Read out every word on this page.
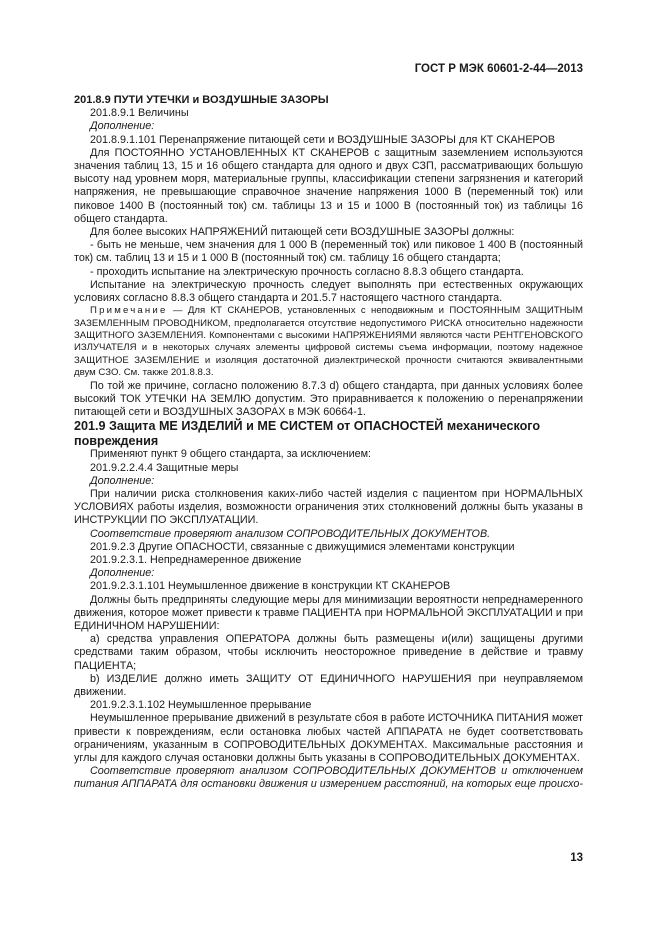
ГОСТ Р МЭК 60601-2-44—2013

201.8.9 ПУТИ УТЕЧКИ и ВОЗДУШНЫЕ ЗАЗОРЫ

201.8.9.1 Величины

Дополнение:

201.8.9.1.101 Перенапряжение питающей сети и ВОЗДУШНЫЕ ЗАЗОРЫ для КТ СКАНЕРОВ

Для ПОСТОЯННО УСТАНОВЛЕННЫХ КТ СКАНЕРОВ с защитным заземлением используются значения таблиц 13, 15 и 16 общего стандарта для одного и двух СЗП, рассматривающих большую высоту над уровнем моря, материальные группы, классификации степени загрязнения и категорий напряжения, не превышающие справочное значение напряжения 1000 В (переменный ток) или пиковое 1400 В (постоянный ток) см. таблицы 13 и 15 и 1000 В (постоянный ток) из таблицы 16 общего стандарта.

Для более высоких НАПРЯЖЕНИЙ питающей сети ВОЗДУШНЫЕ ЗАЗОРЫ должны:

- быть не меньше, чем значения для 1 000 В (переменный ток) или пиковое 1 400 В (постоянный ток) см. таблиц 13 и 15 и 1 000 В (постоянный ток) см. таблицу 16 общего стандарта;

- проходить испытание на электрическую прочность согласно 8.8.3 общего стандарта.

Испытание на электрическую прочность следует выполнять при естественных окружающих условиях согласно 8.8.3 общего стандарта и 201.5.7 настоящего частного стандарта.

Примечание — Для КТ СКАНЕРОВ, установленных с неподвижным и ПОСТОЯННЫМ ЗАЩИТНЫМ ЗАЗЕМЛЕННЫМ ПРОВОДНИКОМ, предполагается отсутствие недопустимого РИСКА относительно надежности ЗАЩИТНОГО ЗАЗЕМЛЕНИЯ. Компонентами с высокими НАПРЯЖЕНИЯМИ являются части РЕНТГЕНОВСКОГО ИЗЛУЧАТЕЛЯ и в некоторых случаях элементы цифровой системы съема информации, поэтому надежное ЗАЩИТНОЕ ЗАЗЕМЛЕНИЕ и изоляция достаточной диэлектрической прочности считаются эквивалентными двум СЗО. См. также 201.8.8.3.

По той же причине, согласно положению 8.7.3 d) общего стандарта, при данных условиях более высокий ТОК УТЕЧКИ НА ЗЕМЛЮ допустим. Это приравнивается к положению о перенапряжении питающей сети и ВОЗДУШНЫХ ЗАЗОРАХ в МЭК 60664-1.

201.9 Защита МЕ ИЗДЕЛИЙ и МЕ СИСТЕМ от ОПАСНОСТЕЙ механического повреждения

Применяют пункт 9 общего стандарта, за исключением:

201.9.2.2.4.4 Защитные меры

Дополнение:

При наличии риска столкновения каких-либо частей изделия с пациентом при НОРМАЛЬНЫХ УСЛОВИЯХ работы изделия, возможности ограничения этих столкновений должны быть указаны в ИНСТРУКЦИИ ПО ЭКСПЛУАТАЦИИ.

Соответствие проверяют анализом СОПРОВОДИТЕЛЬНЫХ ДОКУМЕНТОВ.

201.9.2.3 Другие ОПАСНОСТИ, связанные с движущимися элементами конструкции

201.9.2.3.1. Непреднамеренное движение

Дополнение:

201.9.2.3.1.101 Неумышленное движение в конструкции КТ СКАНЕРОВ

Должны быть предприняты следующие меры для минимизации вероятности непреднамеренного движения, которое может привести к травме ПАЦИЕНТА при НОРМАЛЬНОЙ ЭКСПЛУАТАЦИИ и при ЕДИНИЧНОМ НАРУШЕНИИ:

a) средства управления ОПЕРАТОРА должны быть размещены и(или) защищены другими средствами таким образом, чтобы исключить неосторожное приведение в действие и травму ПАЦИЕНТА;

b) ИЗДЕЛИЕ должно иметь ЗАЩИТУ ОТ ЕДИНИЧНОГО НАРУШЕНИЯ при неуправляемом движении.

201.9.2.3.1.102 Неумышленное прерывание

Неумышленное прерывание движений в результате сбоя в работе ИСТОЧНИКА ПИТАНИЯ может привести к повреждениям, если остановка любых частей АППАРАТА не будет соответствовать ограничениям, указанным в СОПРОВОДИТЕЛЬНЫХ ДОКУМЕНТАХ. Максимальные расстояния и углы для каждого случая остановки должны быть указаны в СОПРОВОДИТЕЛЬНЫХ ДОКУМЕНТАХ.

Соответствие проверяют анализом СОПРОВОДИТЕЛЬНЫХ ДОКУМЕНТОВ и отключением питания АППАРАТА для остановки движения и измерением расстояний, на которых еще происхо-

13
